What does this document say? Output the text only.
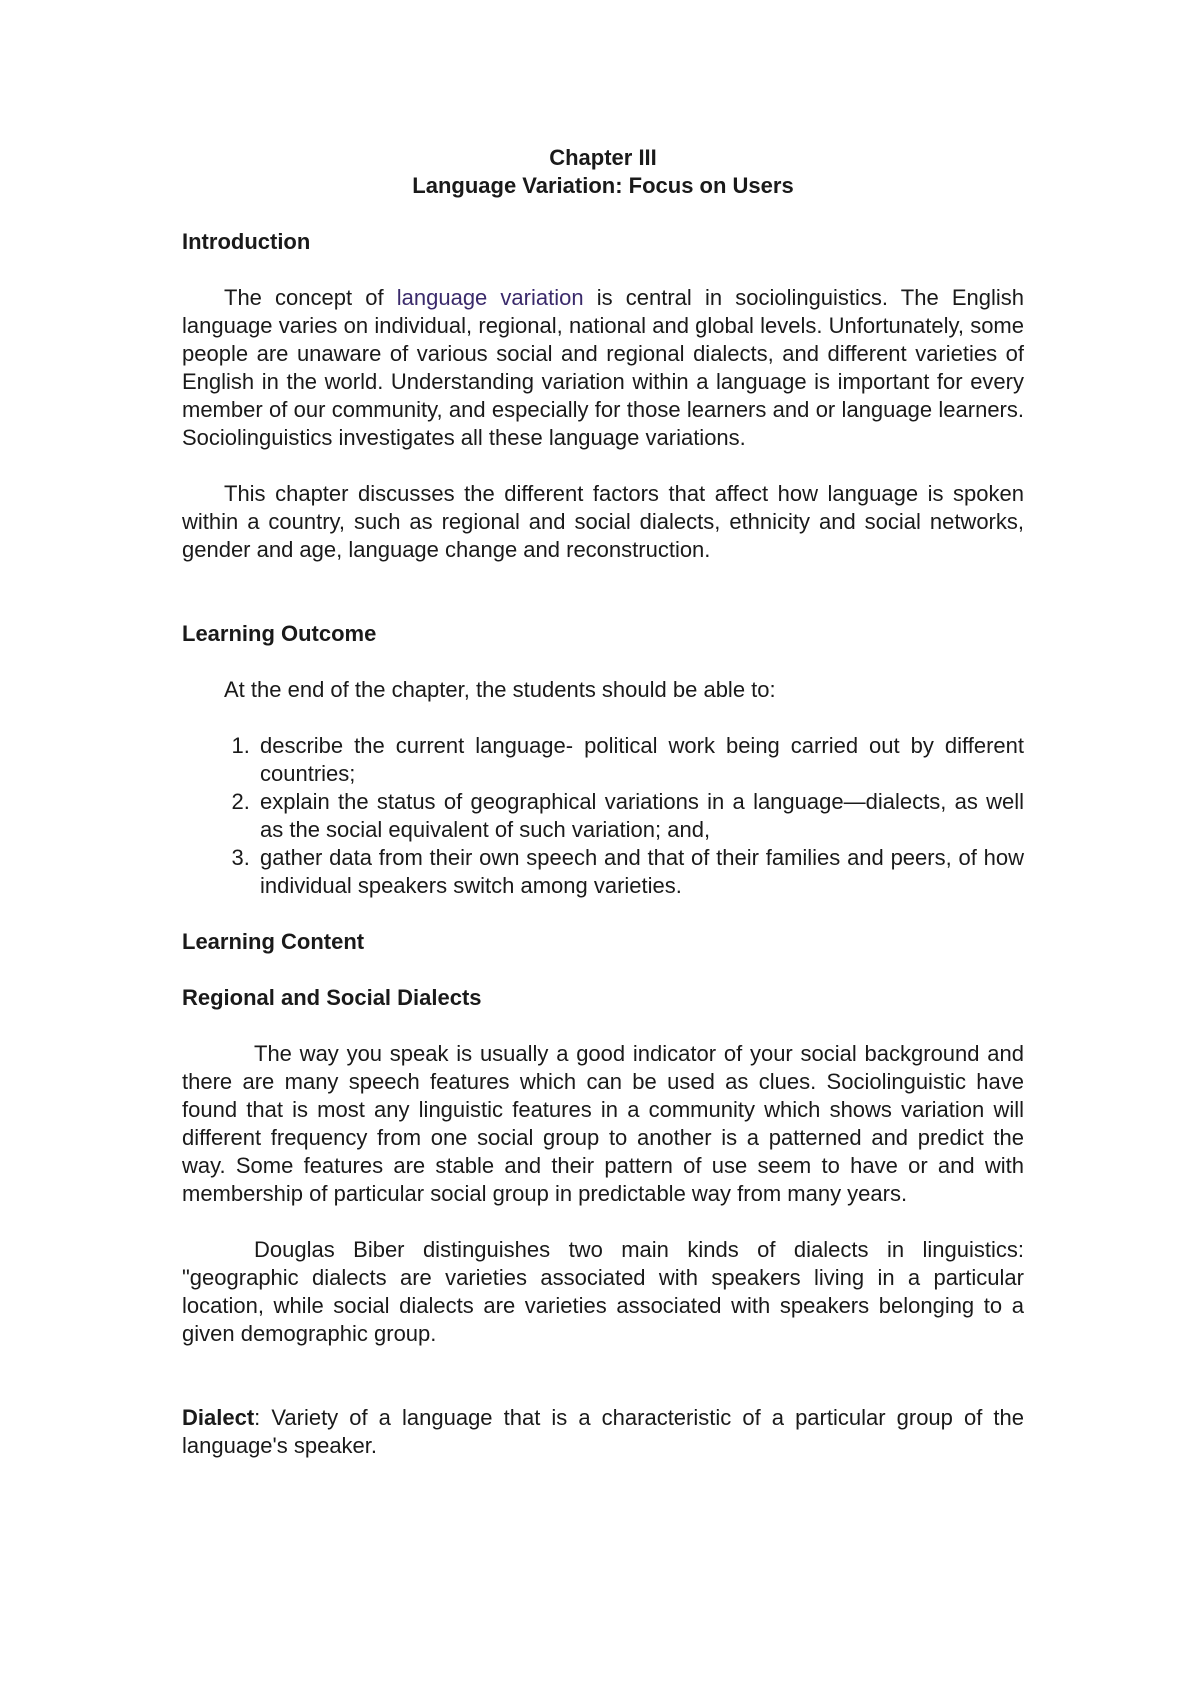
Chapter III
Language Variation: Focus on Users
Introduction

The concept of language variation is central in sociolinguistics. The English language varies on individual, regional, national and global levels. Unfortunately, some people are unaware of various social and regional dialects, and different varieties of English in the world. Understanding variation within a language is important for every member of our community, and especially for those learners and or language learners. Sociolinguistics investigates all these language variations.

This chapter discusses the different factors that affect how language is spoken within a country, such as regional and social dialects, ethnicity and social networks, gender and age, language change and reconstruction.

Learning Outcome

At the end of the chapter, the students should be able to:

1. describe the current language- political work being carried out by different countries;
2. explain the status of geographical variations in a language—dialects, as well as the social equivalent of such variation; and,
3. gather data from their own speech and that of their families and peers, of how individual speakers switch among varieties.
Learning Content
Regional and Social Dialects

The way you speak is usually a good indicator of your social background and there are many speech features which can be used as clues. Sociolinguistic have found that is most any linguistic features in a community which shows variation will different frequency from one social group to another is a patterned and predict the way. Some features are stable and their pattern of use seem to have or and with membership of particular social group in predictable way from many years.

Douglas Biber distinguishes two main kinds of dialects in linguistics: "geographic dialects are varieties associated with speakers living in a particular location, while social dialects are varieties associated with speakers belonging to a given demographic group.

Dialect: Variety of a language that is a characteristic of a particular group of the language's speaker.
